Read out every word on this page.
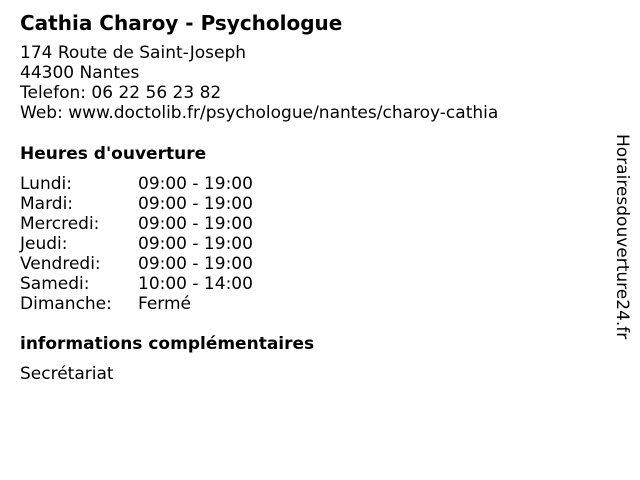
Cathia Charoy - Psychologue
174 Route de Saint-Joseph
44300 Nantes
Telefon: 06 22 56 23 82
Web: www.doctolib.fr/psychologue/nantes/charoy-cathia
Heures d'ouverture
Lundi:	09:00 - 19:00
Mardi:	09:00 - 19:00
Mercredi:	09:00 - 19:00
Jeudi:	09:00 - 19:00
Vendredi:	09:00 - 19:00
Samedi:	10:00 - 14:00
Dimanche:	Fermé
informations complémentaires
Secrétariat
Horairesdouverture24.fr
